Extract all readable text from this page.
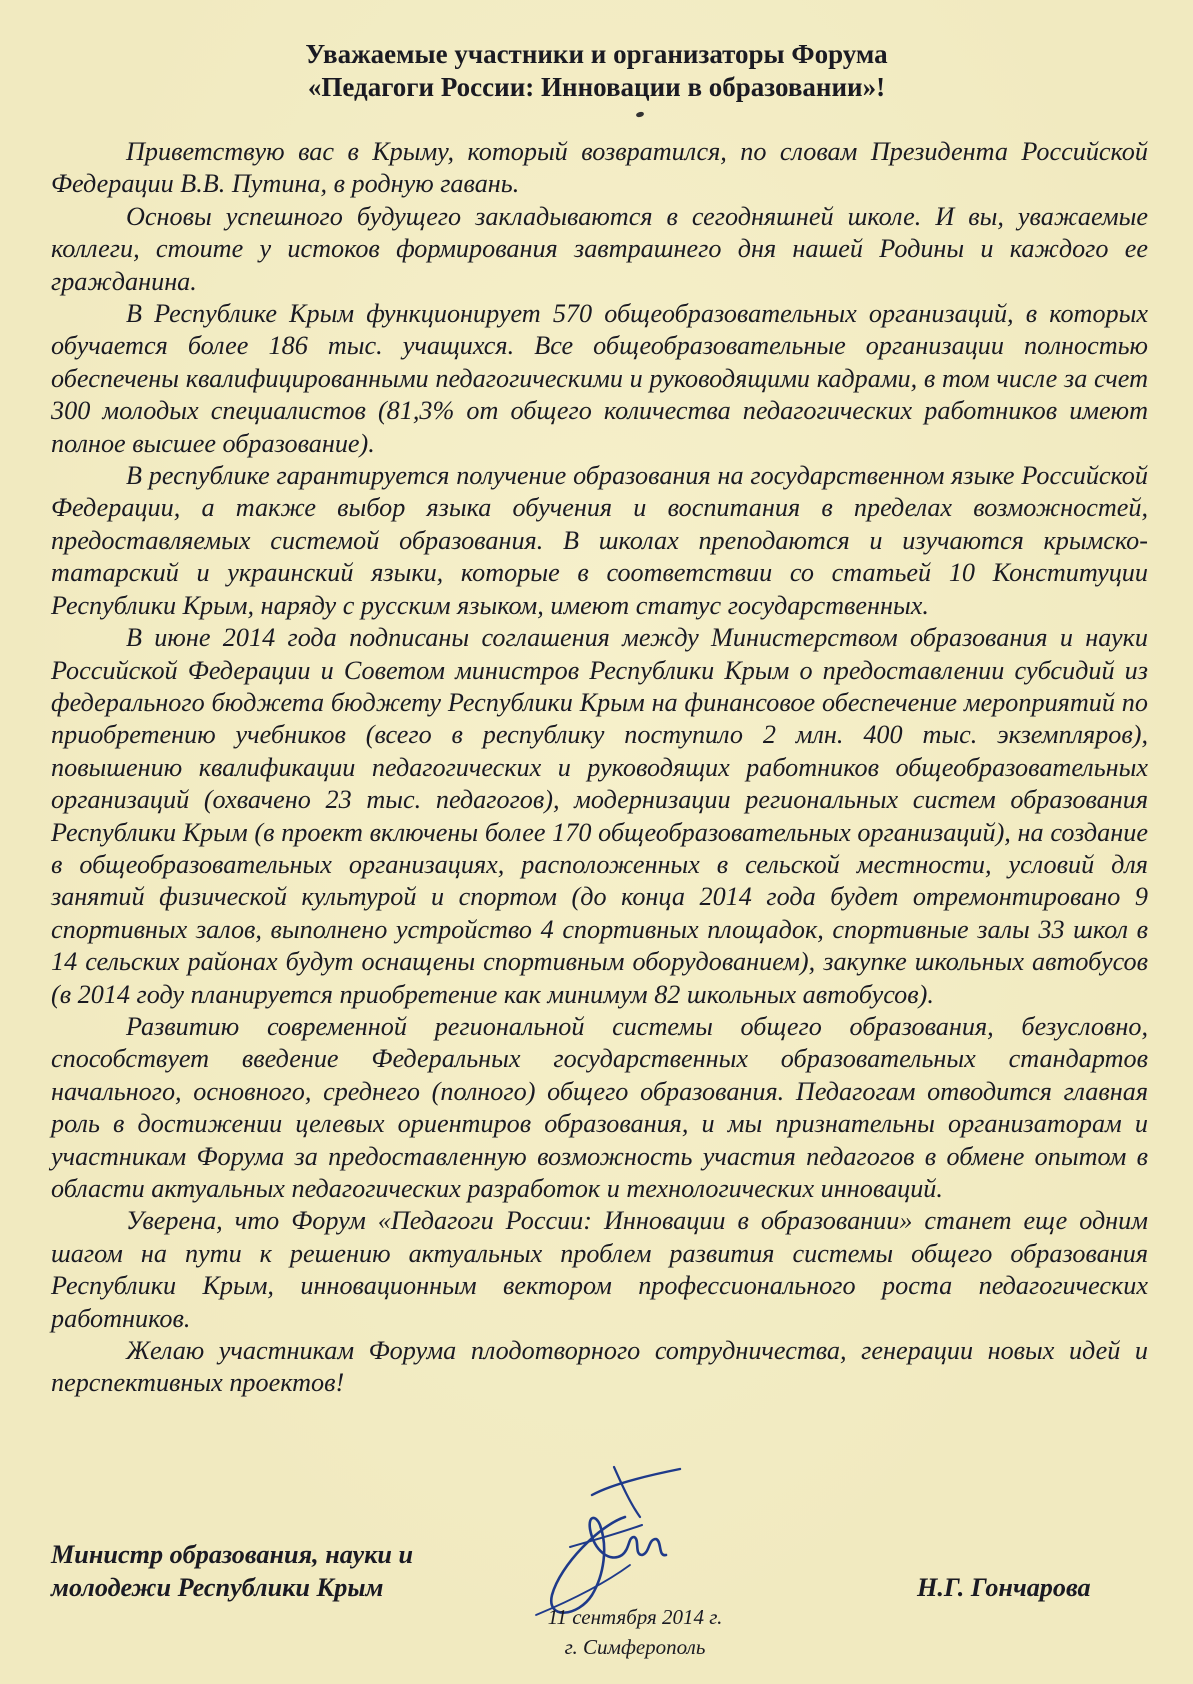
Уважаемые участники и организаторы Форума
«Педагоги России: Инновации в образовании»!

Приветствую вас в Крыму, который возвратился, по словам Президента Российской Федерации В.В. Путина, в родную гавань.

Основы успешного будущего закладываются в сегодняшней школе. И вы, уважаемые коллеги, стоите у истоков формирования завтрашнего дня нашей Родины и каждого ее гражданина.

В Республике Крым функционирует 570 общеобразовательных организаций, в которых обучается более 186 тыс. учащихся. Все общеобразовательные организации полностью обеспечены квалифицированными педагогическими и руководящими кадрами, в том числе за счет 300 молодых специалистов (81,3% от общего количества педагогических работников имеют полное высшее образование).

В республике гарантируется получение образования на государственном языке Российской Федерации, а также выбор языка обучения и воспитания в пределах возможностей, предоставляемых системой образования. В школах преподаются и изучаются крымско-татарский и украинский языки, которые в соответствии со статьей 10 Конституции Республики Крым, наряду с русским языком, имеют статус государственных.

В июне 2014 года подписаны соглашения между Министерством образования и науки Российской Федерации и Советом министров Республики Крым о предоставлении субсидий из федерального бюджета бюджету Республики Крым на финансовое обеспечение мероприятий по приобретению учебников (всего в республику поступило 2 млн. 400 тыс. экземпляров), повышению квалификации педагогических и руководящих работников общеобразовательных организаций (охвачено 23 тыс. педагогов), модернизации региональных систем образования Республики Крым (в проект включены более 170 общеобразовательных организаций), на создание в общеобразовательных организациях, расположенных в сельской местности, условий для занятий физической культурой и спортом (до конца 2014 года будет отремонтировано 9 спортивных залов, выполнено устройство 4 спортивных площадок, спортивные залы 33 школ в 14 сельских районах будут оснащены спортивным оборудованием), закупке школьных автобусов (в 2014 году планируется приобретение как минимум 82 школьных автобусов).

Развитию современной региональной системы общего образования, безусловно, способствует введение Федеральных государственных образовательных стандартов начального, основного, среднего (полного) общего образования. Педагогам отводится главная роль в достижении целевых ориентиров образования, и мы признательны организаторам и участникам Форума за предоставленную возможность участия педагогов в обмене опытом в области актуальных педагогических разработок и технологических инноваций.

Уверена, что Форум «Педагоги России: Инновации в образовании» станет еще одним шагом на пути к решению актуальных проблем развития системы общего образования Республики Крым, инновационным вектором профессионального роста педагогических работников.

Желаю участникам Форума плодотворного сотрудничества, генерации новых идей и перспективных проектов!

Министр образования, науки и
молодежи Республики Крым	Н.Г. Гончарова
11 сентября 2014 г.
г. Симферополь
